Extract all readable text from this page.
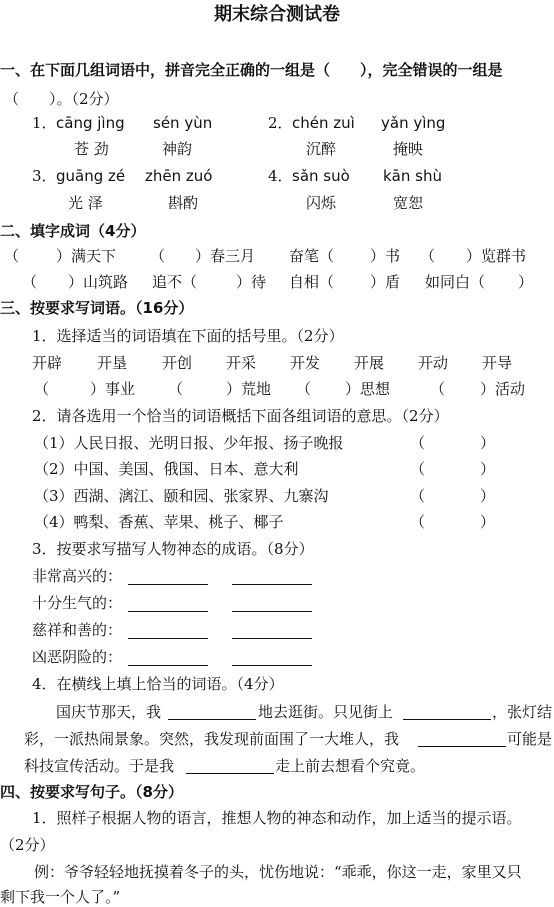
期末综合测试卷
一、在下面几组词语中，拼音完全正确的一组是（　　），完全错误的一组是
（　　）。（2分）
1． cāng jìng sén yùn
苍 劲	神韵
2． chén zuì yǎn yìng
沉醉	掩映
3． guāng zé zhēn zuó
光 泽	斟酌
4． sǎn suò kān shù
闪烁	宽恕
二、填字成词（4分）
（ ）满天下 （ ）春三月 奋笔（ ）书 （ ）览群书
（ ）山筑路 追不（	）待 自相（ ）盾 如同白（ ）
三、按要求写词语。（16分）
1．选择适当的词语填在下面的括号里。（2分）
开辟 开垦 开创 开采 开发 开展 开动 开导
（	）事业 （	）荒地 （ ）思想	（ ）活动
2．请各选用一个恰当的词语概括下面各组词语的意思。（2分）
（1）人民日报、光明日报、少年报、扬子晚报	（	）
（2）中国、美国、俄国、日本、意大利	（	）
（3）西湖、漓江、颐和园、张家界、九寨沟	（	）
（4）鸭梨、香蕉、苹果、桃子、椰子	（	）
3．按要求写描写人物神态的成语。（8分）
非常高兴的：
十分生气的：
慈祥和善的：
凶恶阴险的：
4．在横线上填上恰当的词语。（4分）
国庆节那天，我	地去逛街。只见街上	，张灯结
彩，一派热闹景象。突然，我发现前面围了一大堆人，我	可能是
科技宣传活动。于是我	走上前去想看个究竟。
四、按要求写句子。（8分）
1．照样子根据人物的语言，推想人物的神态和动作，加上适当的提示语。
（2分）
例：爷爷轻轻地抚摸着冬子的头，忧伤地说：“乖乖，你这一走，家里又只
剩下我一个人了。”
